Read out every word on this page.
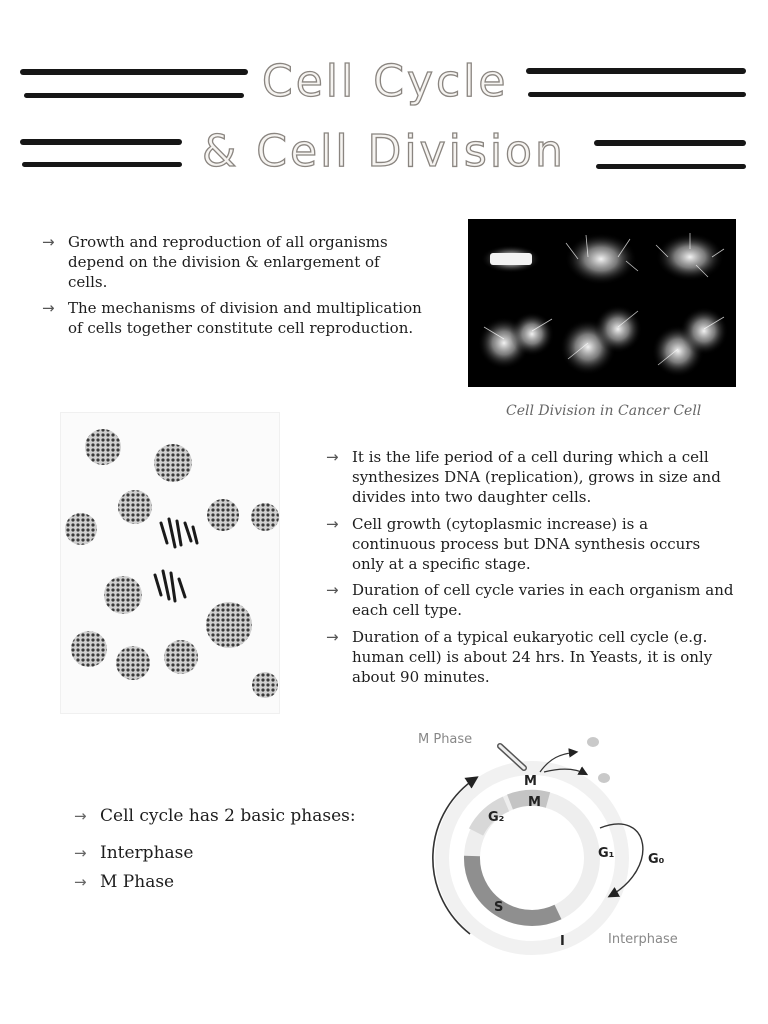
Cell Cycle
& Cell Division
→ Growth and reproduction of all organisms depend on the division & enlargement of cells.
→ The mechanisms of division and multiplication of cells together constitute cell reproduction.
Cell Division in Cancer Cell
→ It is the life period of a cell during which a cell synthesizes DNA (replication), grows in size and divides into two daughter cells.
→ Cell growth (cytoplasmic increase) is a continuous process but DNA synthesis occurs only at a specific stage.
→ Duration of cell cycle varies in each organism and each cell type.
→ Duration of a typical eukaryotic cell cycle (e.g. human cell) is about 24 hrs. In Yeasts, it is only about 90 minutes.
→ Cell cycle has 2 basic phases:
→ Interphase
→ M Phase
M Phase
M
M
G₂
G₁	G₀
S
I	Interphase
